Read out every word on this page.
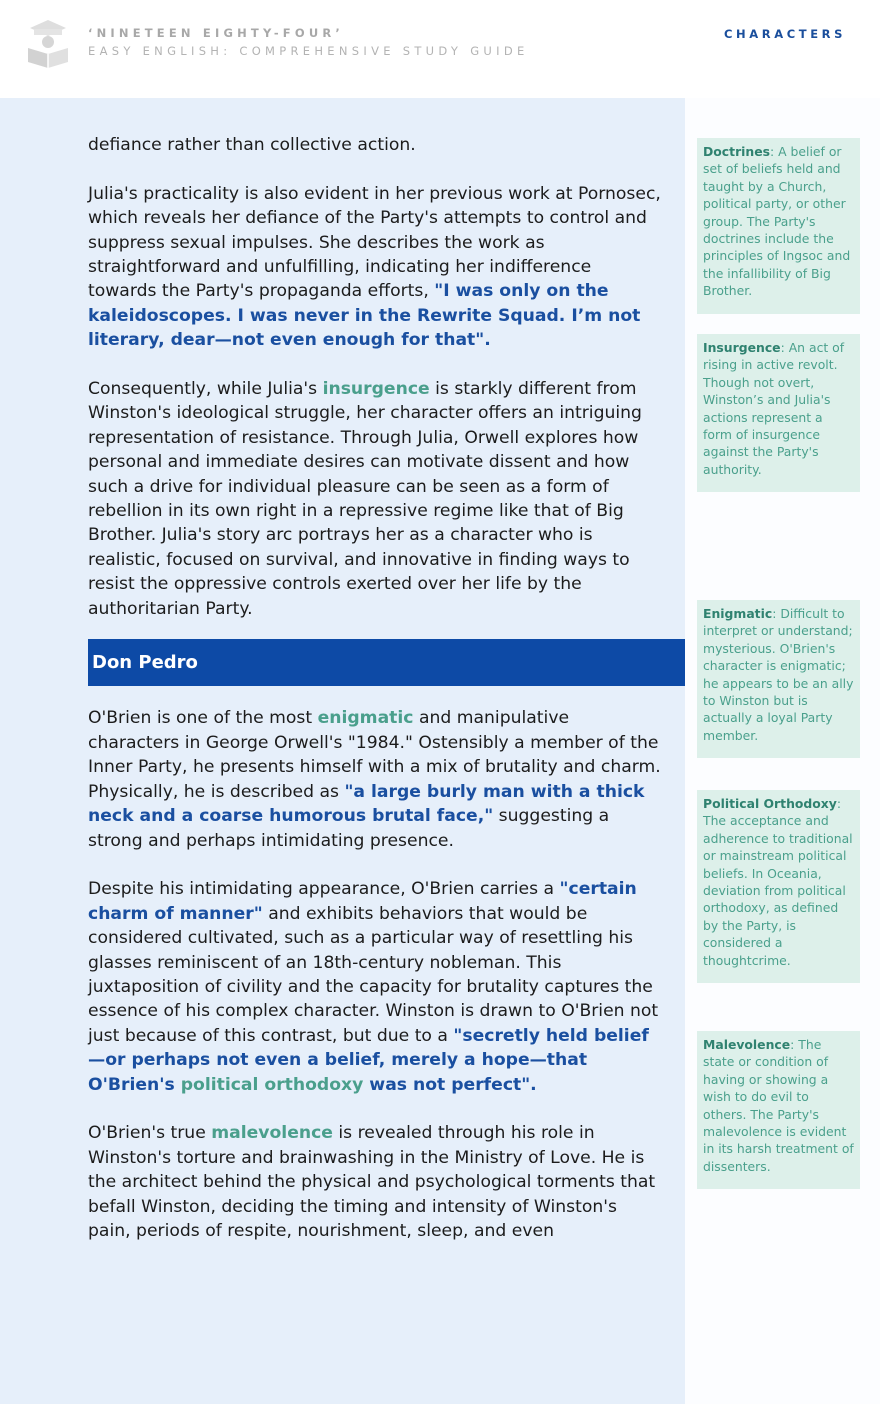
‘NINETEEN EIGHTY-FOUR’
EASY ENGLISH: COMPREHENSIVE STUDY GUIDE
CHARACTERS

defiance rather than collective action.

Julia's practicality is also evident in her previous work at Pornosec, which reveals her defiance of the Party's attempts to control and suppress sexual impulses. She describes the work as straightforward and unfulfilling, indicating her indifference towards the Party's propaganda efforts, "I was only on the kaleidoscopes. I was never in the Rewrite Squad. I’m not literary, dear—not even enough for that".

Consequently, while Julia's insurgence is starkly different from Winston's ideological struggle, her character offers an intriguing representation of resistance. Through Julia, Orwell explores how personal and immediate desires can motivate dissent and how such a drive for individual pleasure can be seen as a form of rebellion in its own right in a repressive regime like that of Big Brother. Julia's story arc portrays her as a character who is realistic, focused on survival, and innovative in finding ways to resist the oppressive controls exerted over her life by the authoritarian Party.

Don Pedro

O'Brien is one of the most enigmatic and manipulative characters in George Orwell's "1984." Ostensibly a member of the Inner Party, he presents himself with a mix of brutality and charm. Physically, he is described as "a large burly man with a thick neck and a coarse humorous brutal face," suggesting a strong and perhaps intimidating presence.

Despite his intimidating appearance, O'Brien carries a "certain charm of manner" and exhibits behaviors that would be considered cultivated, such as a particular way of resettling his glasses reminiscent of an 18th-century nobleman. This juxtaposition of civility and the capacity for brutality captures the essence of his complex character. Winston is drawn to O'Brien not just because of this contrast, but due to a "secretly held belief—or perhaps not even a belief, merely a hope—that O'Brien's political orthodoxy was not perfect".

O'Brien's true malevolence is revealed through his role in Winston's torture and brainwashing in the Ministry of Love. He is the architect behind the physical and psychological torments that befall Winston, deciding the timing and intensity of Winston's pain, periods of respite, nourishment, sleep, and even

Doctrines: A belief or set of beliefs held and taught by a Church, political party, or other group. The Party's doctrines include the principles of Ingsoc and the infallibility of Big Brother.
Insurgence: An act of rising in active revolt. Though not overt, Winston’s and Julia's actions represent a form of insurgence against the Party's authority.
Enigmatic: Difficult to interpret or understand; mysterious. O'Brien's character is enigmatic; he appears to be an ally to Winston but is actually a loyal Party member.
Political Orthodoxy: The acceptance and adherence to traditional or mainstream political beliefs. In Oceania, deviation from political orthodoxy, as defined by the Party, is considered a thoughtcrime.
Malevolence: The state or condition of having or showing a wish to do evil to others. The Party's malevolence is evident in its harsh treatment of dissenters.
